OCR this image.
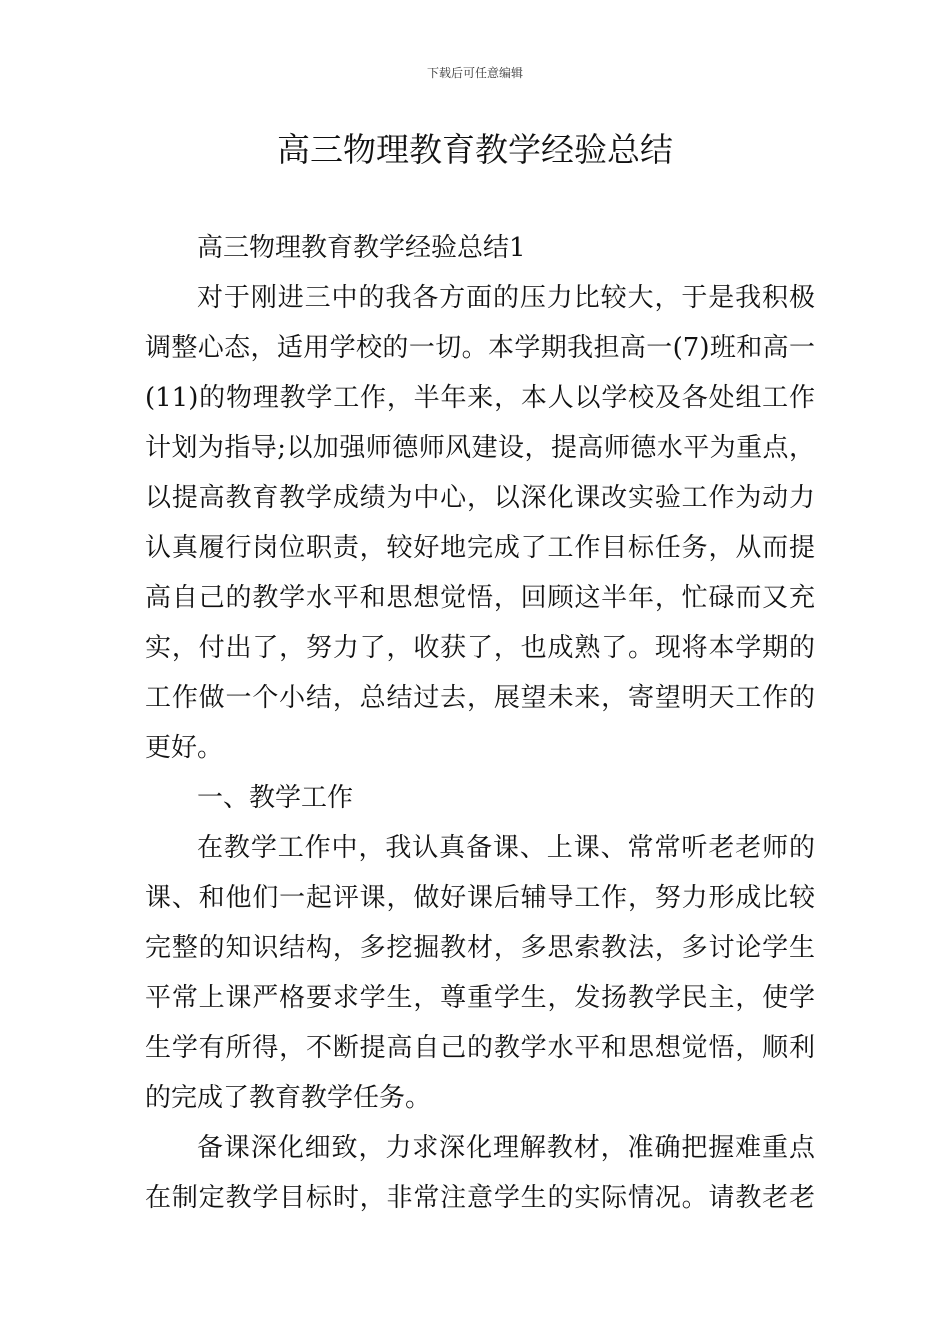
下载后可任意编辑
高三物理教育教学经验总结
高三物理教育教学经验总结1
对于刚进三中的我各方面的压力比较大，于是我积极
调整心态，适用学校的一切。本学期我担高一(7)班和高一
(11)的物理教学工作，半年来，本人以学校及各处组工作
计划为指导;以加强师德师风建设，提高师德水平为重点，
以提高教育教学成绩为中心，以深化课改实验工作为动力
认真履行岗位职责，较好地完成了工作目标任务，从而提
高自己的教学水平和思想觉悟，回顾这半年，忙碌而又充
实，付出了，努力了，收获了，也成熟了。现将本学期的
工作做一个小结，总结过去，展望未来，寄望明天工作的
更好。
一、教学工作
在教学工作中，我认真备课、上课、常常听老老师的
课、和他们一起评课，做好课后辅导工作，努力形成比较
完整的知识结构，多挖掘教材，多思索教法，多讨论学生
平常上课严格要求学生，尊重学生，发扬教学民主，使学
生学有所得，不断提高自己的教学水平和思想觉悟，顺利
的完成了教育教学任务。
备课深化细致，力求深化理解教材，准确把握难重点
在制定教学目标时，非常注意学生的实际情况。请教老老
